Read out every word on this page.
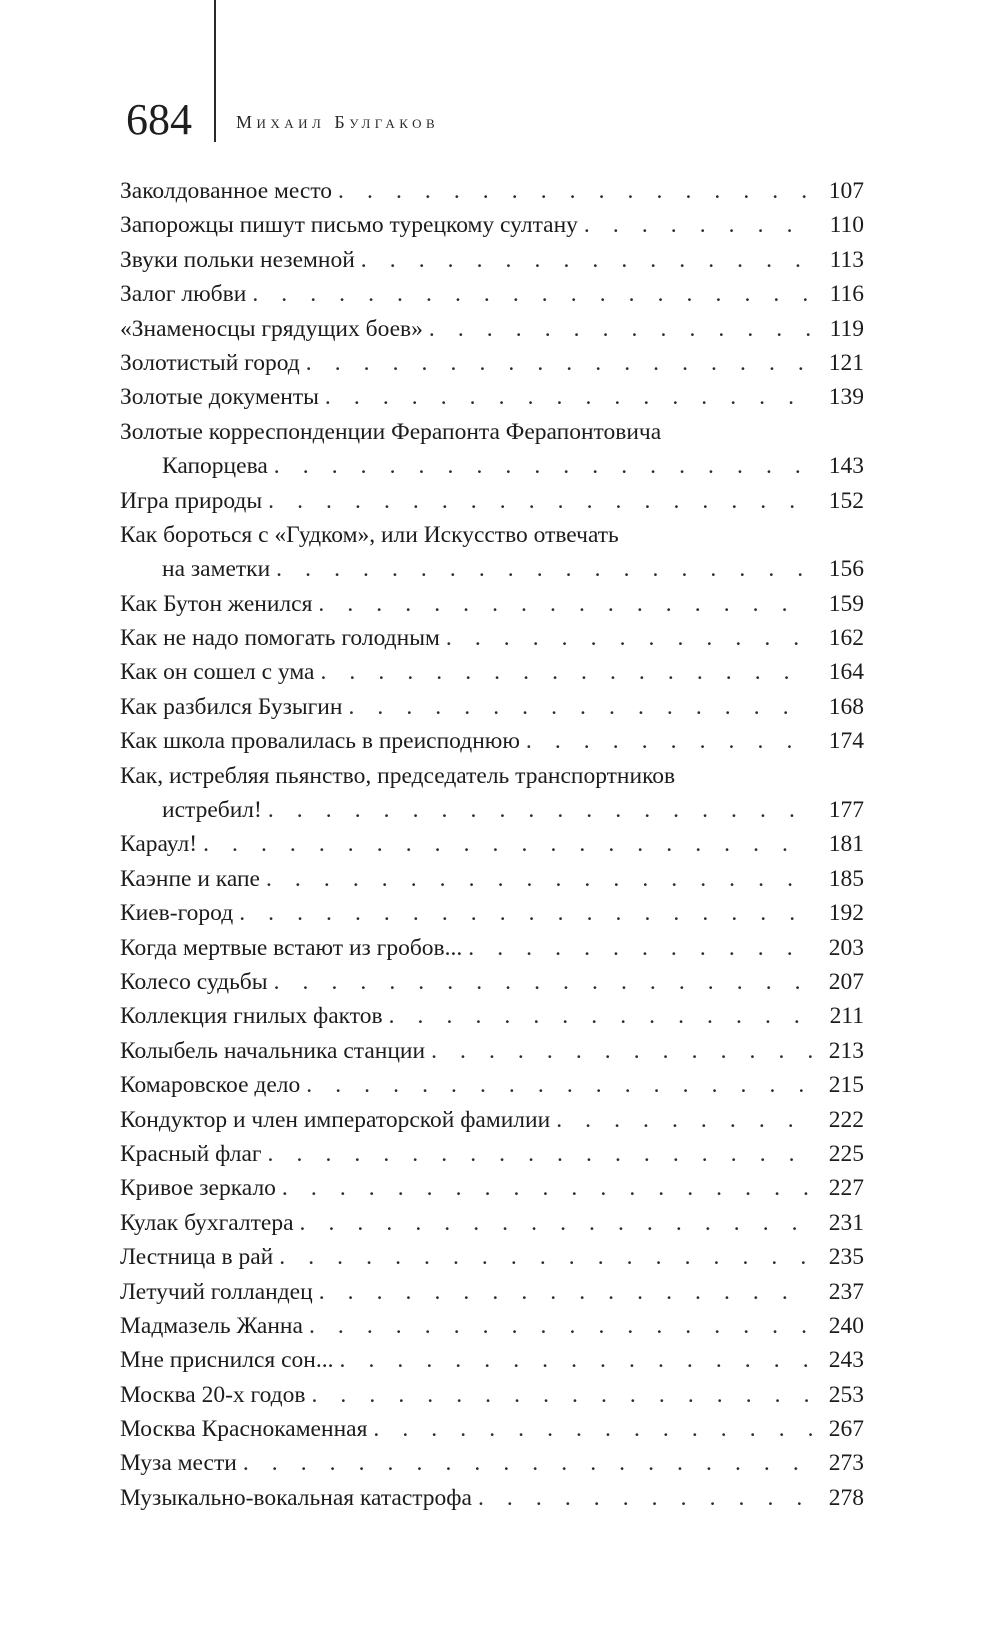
684 Михаил Булгаков
Заколдованное место . . .	107
Запорожцы пишут письмо турецкому султану . . .	110
Звуки польки неземной . . .	113
Залог любви . . .	116
«Знаменосцы грядущих боев» . . .	119
Золотистый город . . .	121
Золотые документы . . .	139
Золотые корреспонденции Ферапонта Ферапонтовича
Капорцева . . .	143
Игра природы . . .	152
Как бороться с «Гудком», или Искусство отвечать
на заметки . . .	156
Как Бутон женился . . .	159
Как не надо помогать голодным . . .	162
Как он сошел с ума . . .	164
Как разбился Бузыгин . . .	168
Как школа провалилась в преисподнюю . . .	174
Как, истребляя пьянство, председатель транспортников
истребил! . . .	177
Караул! . . .	181
Каэнпе и капе . . .	185
Киев-город . . .	192
Когда мертвые встают из гробов... . . .	203
Колесо судьбы . . .	207
Коллекция гнилых фактов . . .	211
Колыбель начальника станции . . .	213
Комаровское дело . . .	215
Кондуктор и член императорской фамилии . . .	222
Красный флаг . . .	225
Кривое зеркало . . .	227
Кулак бухгалтера . . .	231
Лестница в рай . . .	235
Летучий голландец . . .	237
Мадмазель Жанна . . .	240
Мне приснился сон... . . .	243
Москва 20-х годов . . .	253
Москва Краснокаменная . . .	267
Муза мести . . .	273
Музыкально-вокальная катастрофа . . .	278
